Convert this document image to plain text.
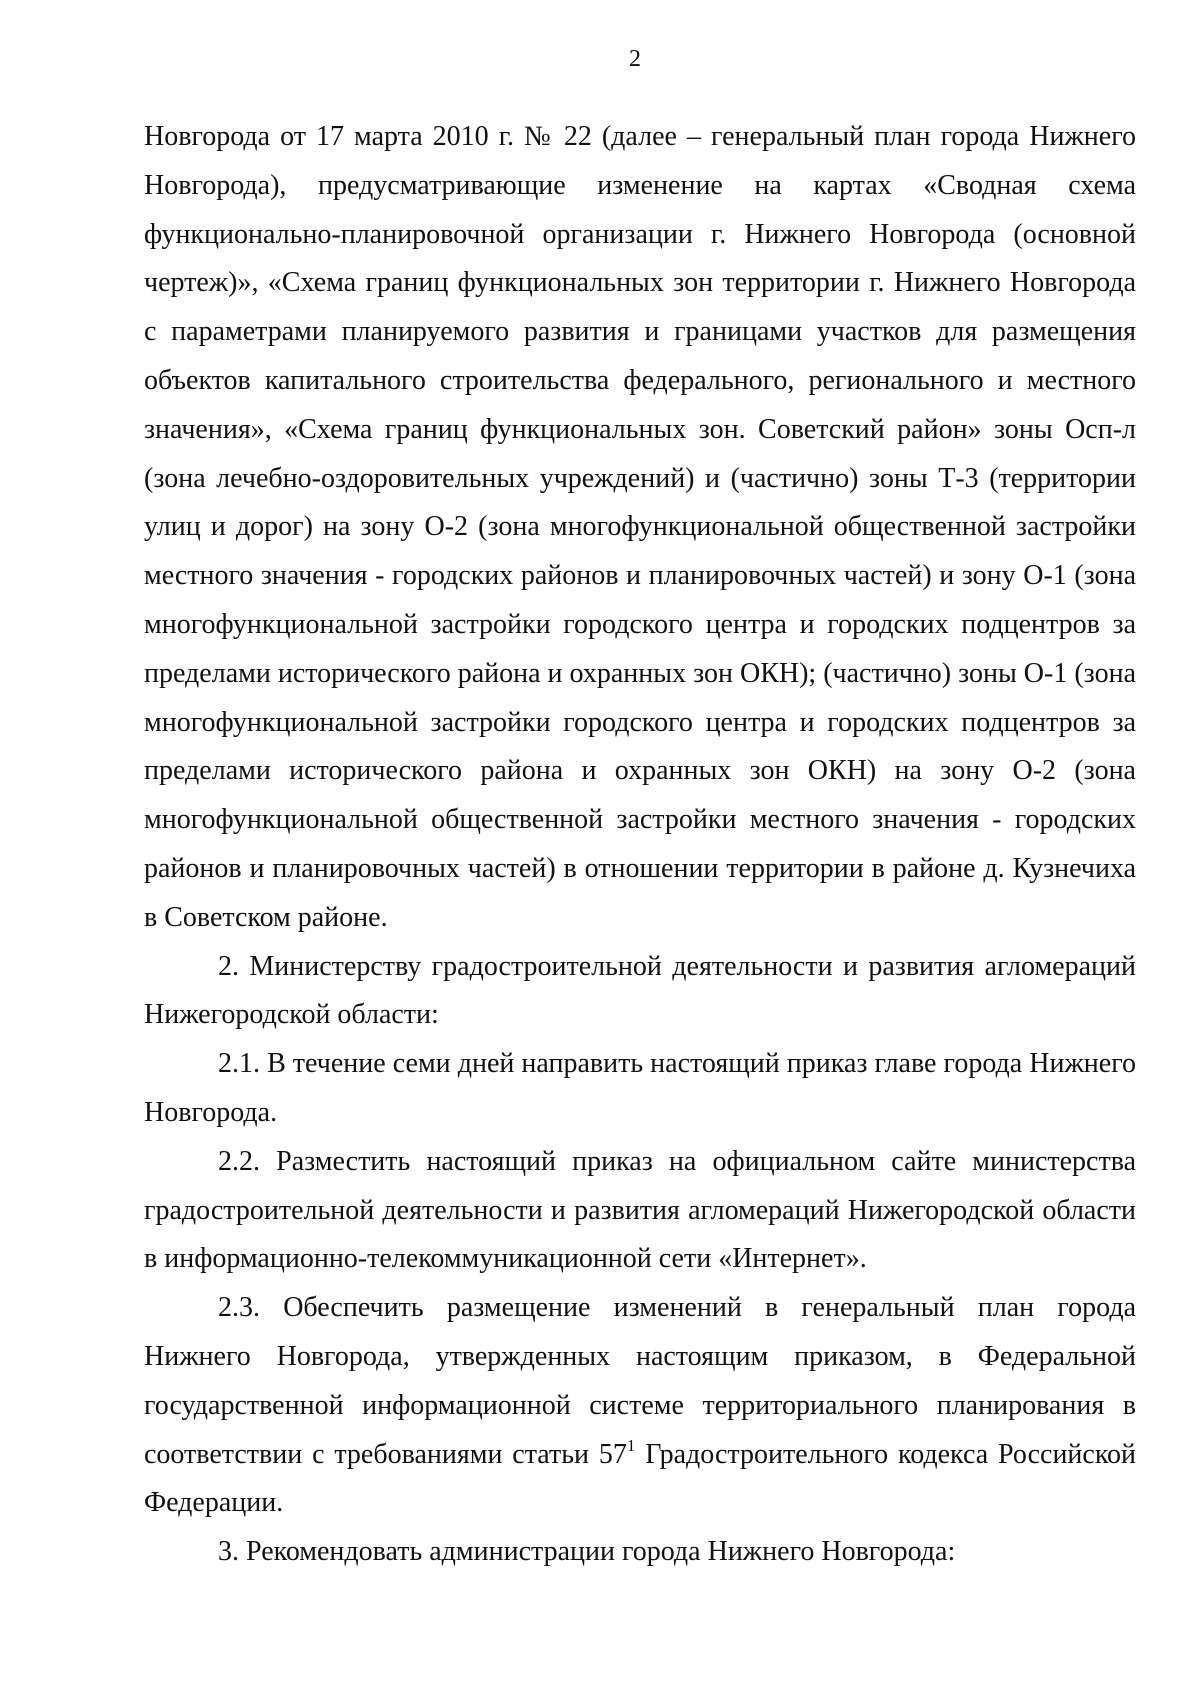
2

Новгорода от 17 марта 2010 г. № 22 (далее – генеральный план города Нижнего Новгорода), предусматривающие изменение на картах «Сводная схема функционально-планировочной организации г. Нижнего Новгорода (основной чертеж)», «Схема границ функциональных зон территории г. Нижнего Новгорода с параметрами планируемого развития и границами участков для размещения объектов капитального строительства федерального, регионального и местного значения», «Схема границ функциональных зон. Советский район» зоны Осп-л (зона лечебно-оздоровительных учреждений) и (частично) зоны Т-3 (территории улиц и дорог) на зону О-2 (зона многофункциональной общественной застройки местного значения - городских районов и планировочных частей) и зону О-1 (зона многофункциональной застройки городского центра и городских подцентров за пределами исторического района и охранных зон ОКН); (частично) зоны О-1 (зона многофункциональной застройки городского центра и городских подцентров за пределами исторического района и охранных зон ОКН) на зону О-2 (зона многофункциональной общественной застройки местного значения - городских районов и планировочных частей) в отношении территории в районе д. Кузнечиха в Советском районе.

2. Министерству градостроительной деятельности и развития агломераций Нижегородской области:

2.1. В течение семи дней направить настоящий приказ главе города Нижнего Новгорода.

2.2. Разместить настоящий приказ на официальном сайте министерства градостроительной деятельности и развития агломераций Нижегородской области в информационно-телекоммуникационной сети «Интернет».

2.3. Обеспечить размещение изменений в генеральный план города Нижнего Новгорода, утвержденных настоящим приказом, в Федеральной государственной информационной системе территориального планирования в соответствии с требованиями статьи $57^1$ Градостроительного кодекса Российской Федерации.

3. Рекомендовать администрации города Нижнего Новгорода:
